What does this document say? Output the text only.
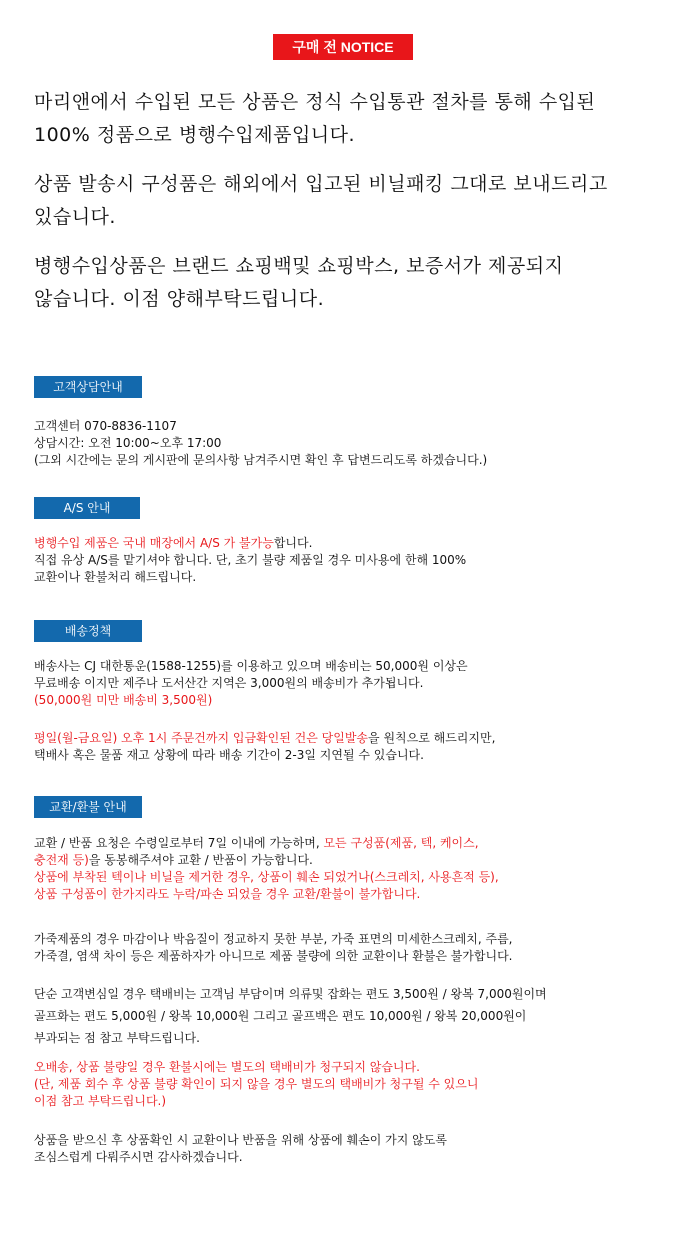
구매 전 NOTICE

마리앤에서 수입된 모든 상품은 정식 수입통관 절차를 통해 수입된

100% 정품으로 병행수입제품입니다.

상품 발송시 구성품은 해외에서 입고된 비닐패킹 그대로 보내드리고

있습니다.

병행수입상품은 브랜드 쇼핑백및 쇼핑박스, 보증서가 제공되지

않습니다. 이점 양해부탁드립니다.

고객상담안내

고객센터 070-8836-1107

상담시간: 오전 10:00~오후 17:00

(그외 시간에는 문의 게시판에 문의사항 남겨주시면 확인 후 답변드리도록 하겠습니다.)

A/S 안내

병행수입 제품은 국내 매장에서 A/S 가 불가능합니다.

직접 유상 A/S를 맡기셔야 합니다. 단, 초기 불량 제품일 경우 미사용에 한해 100%

교환이나 환불처리 해드립니다.

배송정책

배송사는 CJ 대한통운(1588-1255)를 이용하고 있으며 배송비는 50,000원 이상은

무료배송 이지만 제주나 도서산간 지역은 3,000원의 배송비가 추가됩니다.

(50,000원 미만 배송비 3,500원)

평일(월-금요일) 오후 1시 주문건까지 입금확인된 건은 당일발송을 원칙으로 해드리지만,

택배사 혹은 물품 재고 상황에 따라 배송 기간이 2-3일 지연될 수 있습니다.

교환/환불 안내

교환 / 반품 요청은 수령일로부터 7일 이내에 가능하며, 모든 구성품(제품, 텍, 케이스,

충전재 등)을 동봉해주셔야 교환 / 반품이 가능합니다.

상품에 부착된 텍이나 비닐을 제거한 경우, 상품이 훼손 되었거나(스크레치, 사용흔적 등),

상품 구성품이 한가지라도 누락/파손 되었을 경우 교환/환불이 불가합니다.

가죽제품의 경우 마감이나 박음질이 정교하지 못한 부분, 가죽 표면의 미세한스크레치, 주름,

가죽결, 염색 차이 등은 제품하자가 아니므로 제품 불량에 의한 교환이나 환불은 불가합니다.

단순 고객변심일 경우 택배비는 고객님 부담이며 의류및 잡화는 편도 3,500원 / 왕복 7,000원이며

골프화는 편도 5,000원 / 왕복 10,000원 그리고 골프백은 편도 10,000원 / 왕복 20,000원이

부과되는 점 참고 부탁드립니다.

오배송, 상품 불량일 경우 환불시에는 별도의 택배비가 청구되지 않습니다.

(단, 제품 회수 후 상품 불량 확인이 되지 않을 경우 별도의 택배비가 청구될 수 있으니

이점 참고 부탁드립니다.)

상품을 받으신 후 상품확인 시 교환이나 반품을 위해 상품에 훼손이 가지 않도록

조심스럽게 다뤄주시면 감사하겠습니다.
